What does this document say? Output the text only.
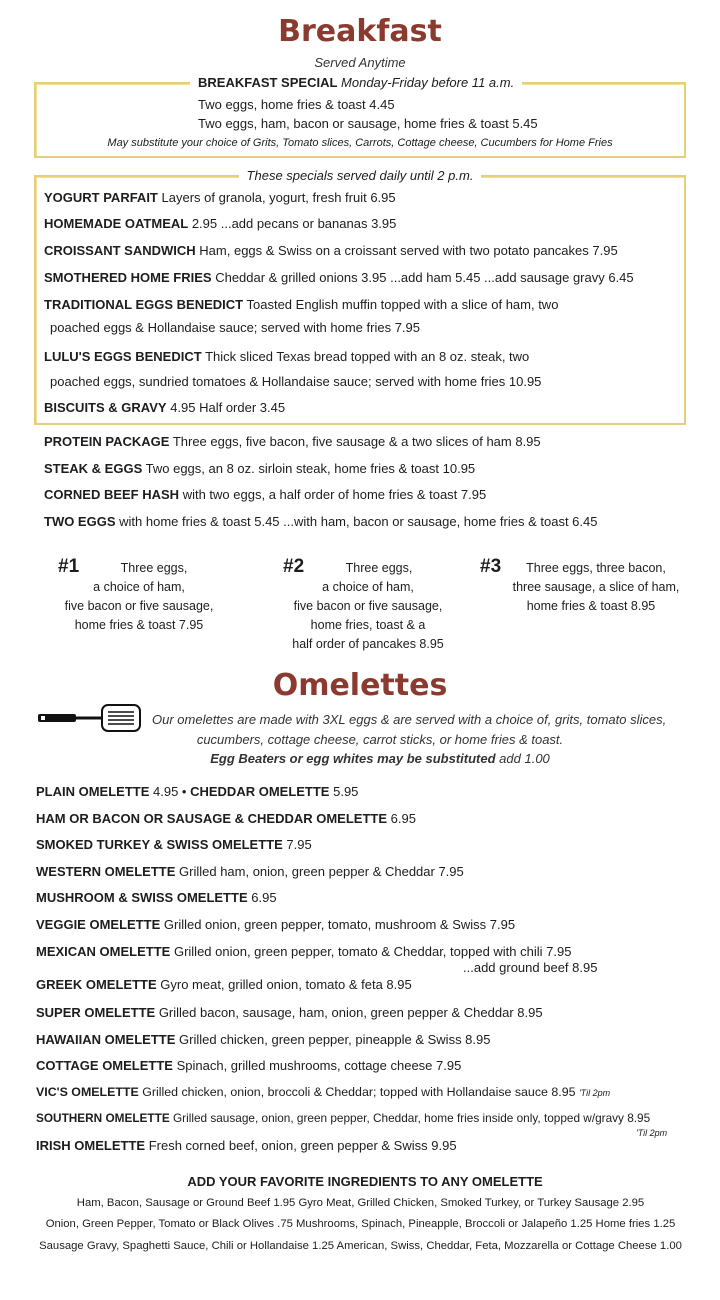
Breakfast
Served Anytime
BREAKFAST SPECIAL Monday-Friday before 11 a.m.
Two eggs, home fries & toast 4.45
Two eggs, ham, bacon or sausage, home fries & toast 5.45
May substitute your choice of Grits, Tomato slices, Carrots, Cottage cheese, Cucumbers for Home Fries
These specials served daily until 2 p.m.
YOGURT PARFAIT Layers of granola, yogurt, fresh fruit 6.95
HOMEMADE OATMEAL 2.95 ...add pecans or bananas 3.95
CROISSANT SANDWICH Ham, eggs & Swiss on a croissant served with two potato pancakes 7.95
SMOTHERED HOME FRIES Cheddar & grilled onions 3.95 ...add ham 5.45 ...add sausage gravy 6.45
TRADITIONAL EGGS BENEDICT Toasted English muffin topped with a slice of ham, two
poached eggs & Hollandaise sauce; served with home fries 7.95
LULU'S EGGS BENEDICT Thick sliced Texas bread topped with an 8 oz. steak, two
poached eggs, sundried tomatoes & Hollandaise sauce; served with home fries 10.95
BISCUITS & GRAVY 4.95 Half order 3.45
PROTEIN PACKAGE Three eggs, five bacon, five sausage & a two slices of ham 8.95
STEAK & EGGS Two eggs, an 8 oz. sirloin steak, home fries & toast 10.95
CORNED BEEF HASH with two eggs, a half order of home fries & toast 7.95
TWO EGGS with home fries & toast 5.45 ...with ham, bacon or sausage, home fries & toast 6.45
#1	Three eggs,
a choice of ham,
five bacon or five sausage,
home fries & toast 7.95
#2	Three eggs,
a choice of ham,
five bacon or five sausage,
home fries, toast & a
half order of pancakes 8.95
#3	Three eggs, three bacon,
three sausage, a slice of ham,
home fries & toast 8.95
Omelettes
Our omelettes are made with 3XL eggs & are served with a choice of, grits, tomato slices,
cucumbers, cottage cheese, carrot sticks, or home fries & toast.
Egg Beaters or egg whites may be substituted add 1.00
PLAIN OMELETTE 4.95 • CHEDDAR OMELETTE 5.95
HAM OR BACON OR SAUSAGE & CHEDDAR OMELETTE 6.95
SMOKED TURKEY & SWISS OMELETTE 7.95
WESTERN OMELETTE Grilled ham, onion, green pepper & Cheddar 7.95
MUSHROOM & SWISS OMELETTE 6.95
VEGGIE OMELETTE Grilled onion, green pepper, tomato, mushroom & Swiss 7.95
MEXICAN OMELETTE Grilled onion, green pepper, tomato & Cheddar, topped with chili 7.95
...add ground beef 8.95
GREEK OMELETTE Gyro meat, grilled onion, tomato & feta 8.95
SUPER OMELETTE Grilled bacon, sausage, ham, onion, green pepper & Cheddar 8.95
HAWAIIAN OMELETTE Grilled chicken, green pepper, pineapple & Swiss 8.95
COTTAGE OMELETTE Spinach, grilled mushrooms, cottage cheese 7.95
VIC'S OMELETTE Grilled chicken, onion, broccoli & Cheddar; topped with Hollandaise sauce 8.95 'Til 2pm
SOUTHERN OMELETTE Grilled sausage, onion, green pepper, Cheddar, home fries inside only, topped w/gravy 8.95
'Til 2pm
IRISH OMELETTE Fresh corned beef, onion, green pepper & Swiss 9.95
ADD YOUR FAVORITE INGREDIENTS TO ANY OMELETTE
Ham, Bacon, Sausage or Ground Beef 1.95 Gyro Meat, Grilled Chicken, Smoked Turkey, or Turkey Sausage 2.95
Onion, Green Pepper, Tomato or Black Olives .75 Mushrooms, Spinach, Pineapple, Broccoli or Jalapeño 1.25 Home fries 1.25
Sausage Gravy, Spaghetti Sauce, Chili or Hollandaise 1.25 American, Swiss, Cheddar, Feta, Mozzarella or Cottage Cheese 1.00
